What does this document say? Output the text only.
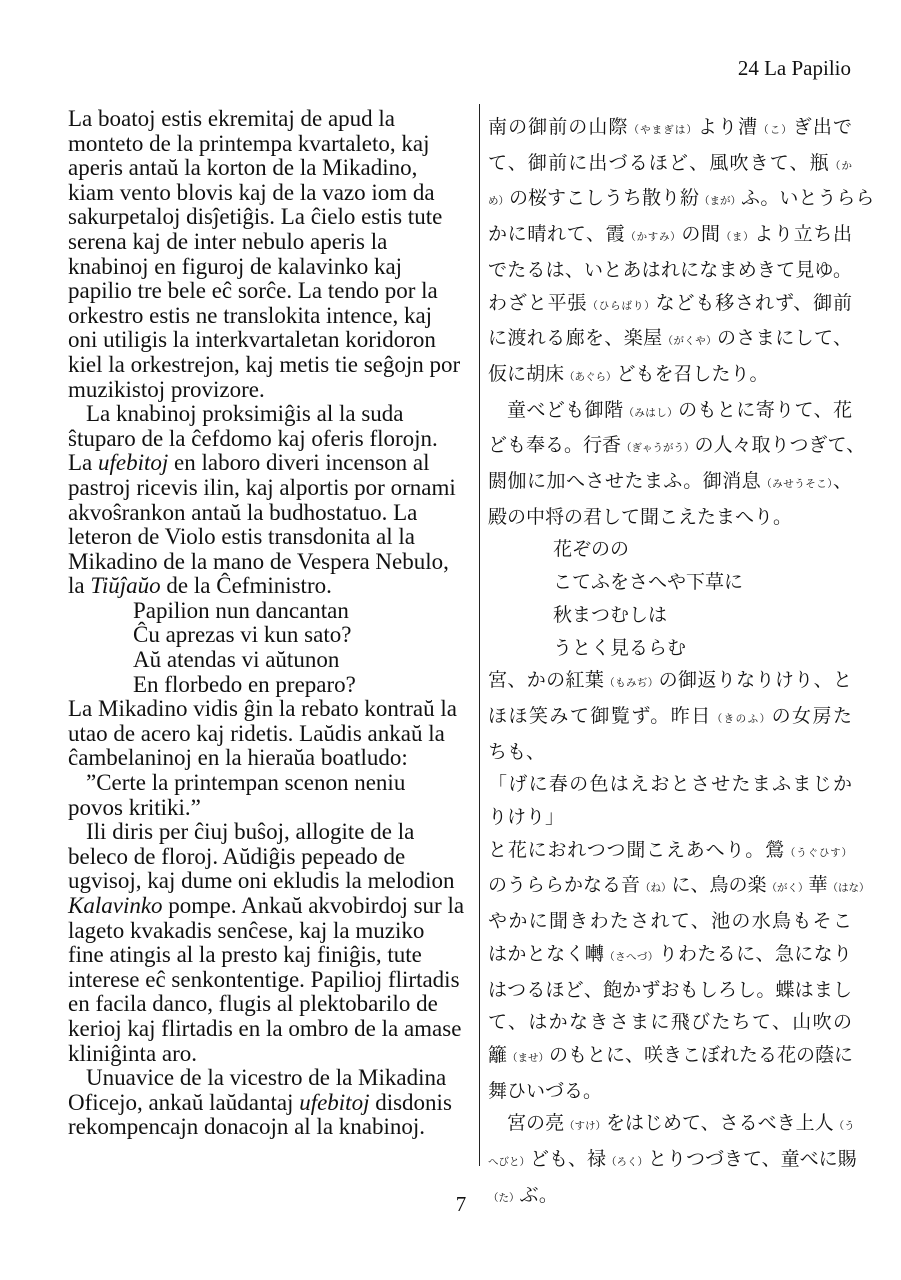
24 La Papilio
La boatoj estis ekremitaj de apud la
monteto de la printempa kvartaleto, kaj
aperis antaŭ la korton de la Mikadino,
kiam vento blovis kaj de la vazo iom da
sakurpetaloj disĵetiĝis. La ĉielo estis tute
serena kaj de inter nebulo aperis la
knabinoj en figuroj de kalavinko kaj
papilio tre bele eĉ sorĉe. La tendo por la
orkestro estis ne translokita intence, kaj
oni utiligis la interkvartaletan koridoron
kiel la orkestrejon, kaj metis tie seĝojn por
muzikistoj provizore.
La knabinoj proksimiĝis al la suda
ŝtuparo de la ĉefdomo kaj oferis florojn.
La ufebitoj en laboro diveri incenson al
pastroj ricevis ilin, kaj alportis por ornami
akvoŝrankon antaŭ la budhostatuo. La
leteron de Violo estis transdonita al la
Mikadino de la mano de Vespera Nebulo,
la Tiŭĵaŭo de la Ĉefministro.
Papilion nun dancantan
Ĉu aprezas vi kun sato?
Aŭ atendas vi aŭtunon
En florbedo en preparo?
La Mikadino vidis ĝin la rebato kontraŭ la
utao de acero kaj ridetis. Laŭdis ankaŭ la
ĉambelaninoj en la hieraŭa boatludo:
”Certe la printempan scenon neniu
povos kritiki.”
Ili diris per ĉiuj buŝoj, allogite de la
beleco de floroj. Aŭdiĝis pepeado de
ugvisoj, kaj dume oni ekludis la melodion
Kalavinko pompe. Ankaŭ akvobirdoj sur la
lageto kvakadis senĉese, kaj la muziko
fine atingis al la presto kaj finiĝis, tute
interese eĉ senkontentige. Papilioj flirtadis
en facila danco, flugis al plektobarilo de
kerioj kaj flirtadis en la ombro de la amase
kliniĝinta aro.
Unuavice de la vicestro de la Mikadina
Oficejo, ankaŭ laŭdantaj ufebitoj disdonis
rekompencajn donacojn al la knabinoj.
南の御前の山際（やまぎは）より漕（こ）ぎ出で
て、御前に出づるほど、風吹きて、瓶（か
め）の桜すこしうち散り紛（まが）ふ。いとうらら
かに晴れて、霞（かすみ）の間（ま）より立ち出
でたるは、いとあはれになまめきて見ゆ。
わざと平張（ひらばり）なども移されず、御前
に渡れる廊を、楽屋（がくや）のさまにして、
仮に胡床（あぐら）どもを召したり。
童べども御階（みはし）のもとに寄りて、花
ども奉る。行香（ぎゃうがう）の人々取りつぎて、
閼伽に加へさせたまふ。御消息（みせうそこ）、
殿の中将の君して聞こえたまへり。
花ぞのの
こてふをさへや下草に
秋まつむしは
うとく見るらむ
宮、かの紅葉（もみぢ）の御返りなりけり、と
ほほ笑みて御覧ず。昨日（きのふ）の女房た
ちも、
「げに春の色はえおとさせたまふまじか
りけり」
と花におれつつ聞こえあへり。鶯（うぐひす）
のうららかなる音（ね）に、鳥の楽（がく）華（はな）
やかに聞きわたされて、池の水鳥もそこ
はかとなく囀（さへづ）りわたるに、急になり
はつるほど、飽かずおもしろし。蝶はまし
て、はかなきさまに飛びたちて、山吹の
籬（ませ）のもとに、咲きこぼれたる花の蔭に
舞ひいづる。
宮の亮（すけ）をはじめて、さるべき上人（う
へびと）ども、禄（ろく）とりつづきて、童べに賜
（た）ぶ。
7
